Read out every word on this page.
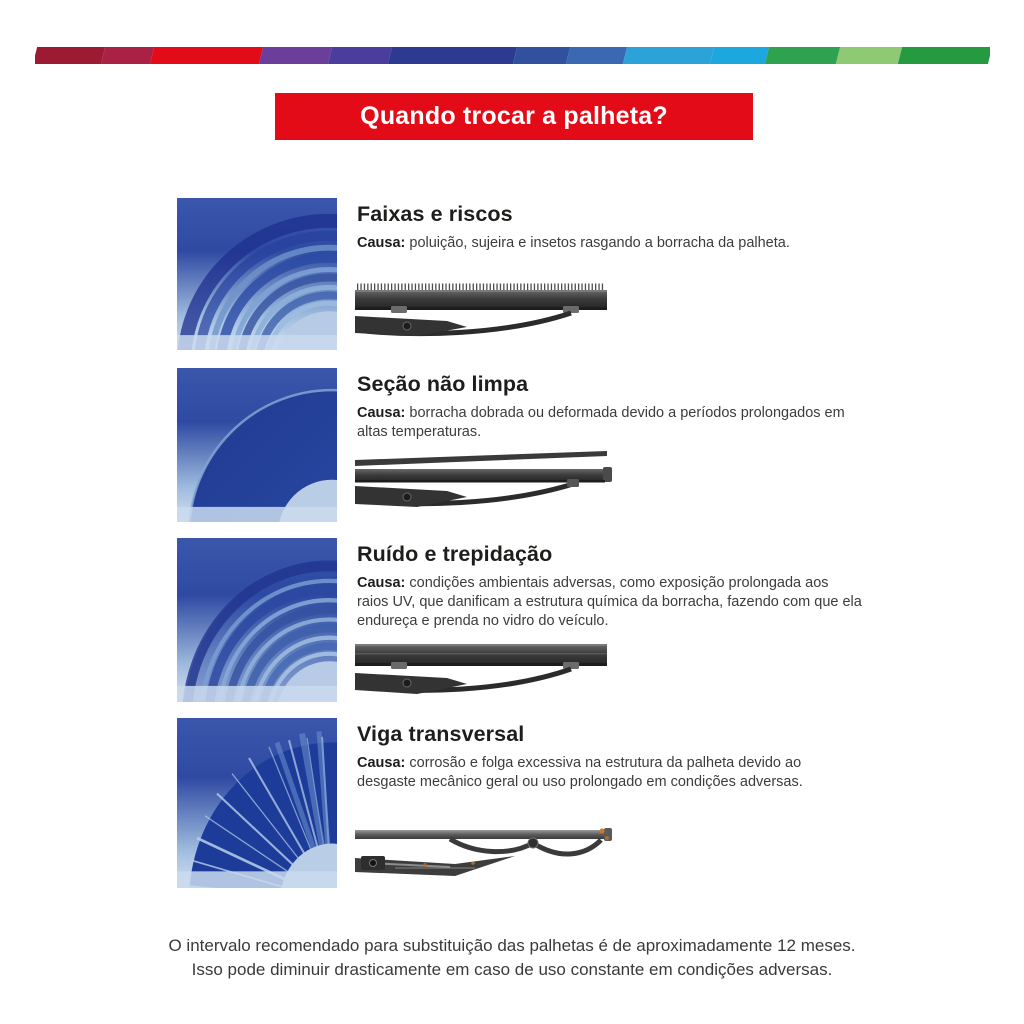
Quando trocar a palheta?
Faixas e riscos
Causa: poluição, sujeira e insetos rasgando a borracha da palheta.
Seção não limpa
Causa: borracha dobrada ou deformada devido a períodos prolongados em altas temperaturas.
Ruído e trepidação
Causa: condições ambientais adversas, como exposição prolongada aos raios UV, que danificam a estrutura química da borracha, fazendo com que ela endureça e prenda no vidro do veículo.
Viga transversal
Causa: corrosão e folga excessiva na estrutura da palheta devido ao desgaste mecânico geral ou uso prolongado em condições adversas.
O intervalo recomendado para substituição das palhetas é de aproximadamente 12 meses.
Isso pode diminuir drasticamente em caso de uso constante em condições adversas.
